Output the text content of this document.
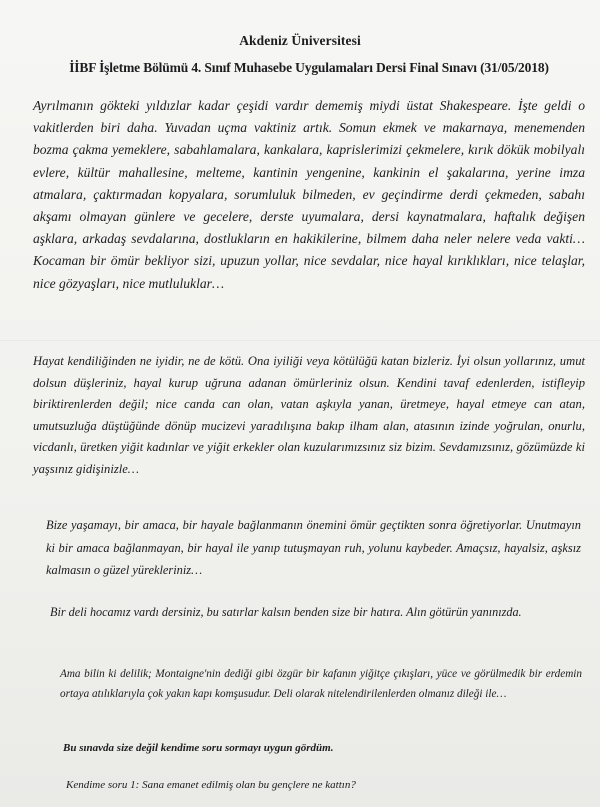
Akdeniz Üniversitesi
İİBF İşletme Bölümü 4. Sınıf Muhasebe Uygulamaları Dersi Final Sınavı (31/05/2018)
Ayrılmanın gökteki yıldızlar kadar çeşidi vardır dememiş miydi üstat Shakespeare. İşte geldi o vakitlerden biri daha. Yuvadan uçma vaktiniz artık. Somun ekmek ve makarnaya, menemenden bozma çakma yemeklere, sabahlamalara, kankalara, kaprislerimizi çekmelere, kırık dökük mobilyalı evlere, kültür mahallesine, melteme, kantinin yengenine, kankinin el şakalarına, yerine imza atmalara, çaktırmadan kopyalara, sorumluluk bilmeden, ev geçindirme derdi çekmeden, sabahı akşamı olmayan günlere ve gecelere, derste uyumalara, dersi kaynatmalara, haftalık değişen aşklara, arkadaş sevdalarına, dostlukların en hakikilerine, bilmem daha neler nelere veda vakti… Kocaman bir ömür bekliyor sizi, upuzun yollar, nice sevdalar, nice hayal kırıklıkları, nice telaşlar, nice gözyaşları, nice mutluluklar…
Hayat kendiliğinden ne iyidir, ne de kötü. Ona iyiliği veya kötülüğü katan bizleriz. İyi olsun yollarınız, umut dolsun düşleriniz, hayal kurup uğruna adanan ömürleriniz olsun. Kendini tavaf edenlerden, istifleyip biriktirenlerden değil; nice canda can olan, vatan aşkıyla yanan, üretmeye, hayal etmeye can atan, umutsuzluğa düştüğünde dönüp mucizevi yaradılışına bakıp ilham alan, atasının izinde yoğrulan, onurlu, vicdanlı, üretken yiğit kadınlar ve yiğit erkekler olan kuzularımızsınız siz bizim. Sevdamızsınız, gözümüzde ki yaşsınız gidişinizle…
Bize yaşamayı, bir amaca, bir hayale bağlanmanın önemini ömür geçtikten sonra öğretiyorlar. Unutmayın ki bir amaca bağlanmayan, bir hayal ile yanıp tutuşmayan ruh, yolunu kaybeder. Amaçsız, hayalsiz, aşksız kalmasın o güzel yürekleriniz…
Bir deli hocamız vardı dersiniz, bu satırlar kalsın benden size bir hatıra. Alın götürün yanınızda.
Ama bilin ki delilik; Montaigne'nin dediği gibi özgür bir kafanın yiğitçe çıkışları, yüce ve görülmedik bir erdemin ortaya atılıklarıyla çok yakın kapı komşusudur. Deli olarak nitelendirilenlerden olmanız dileği ile…
Bu sınavda size değil kendime soru sormayı uygun gördüm.
Kendime soru 1: Sana emanet edilmiş olan bu gençlere ne kattın?
